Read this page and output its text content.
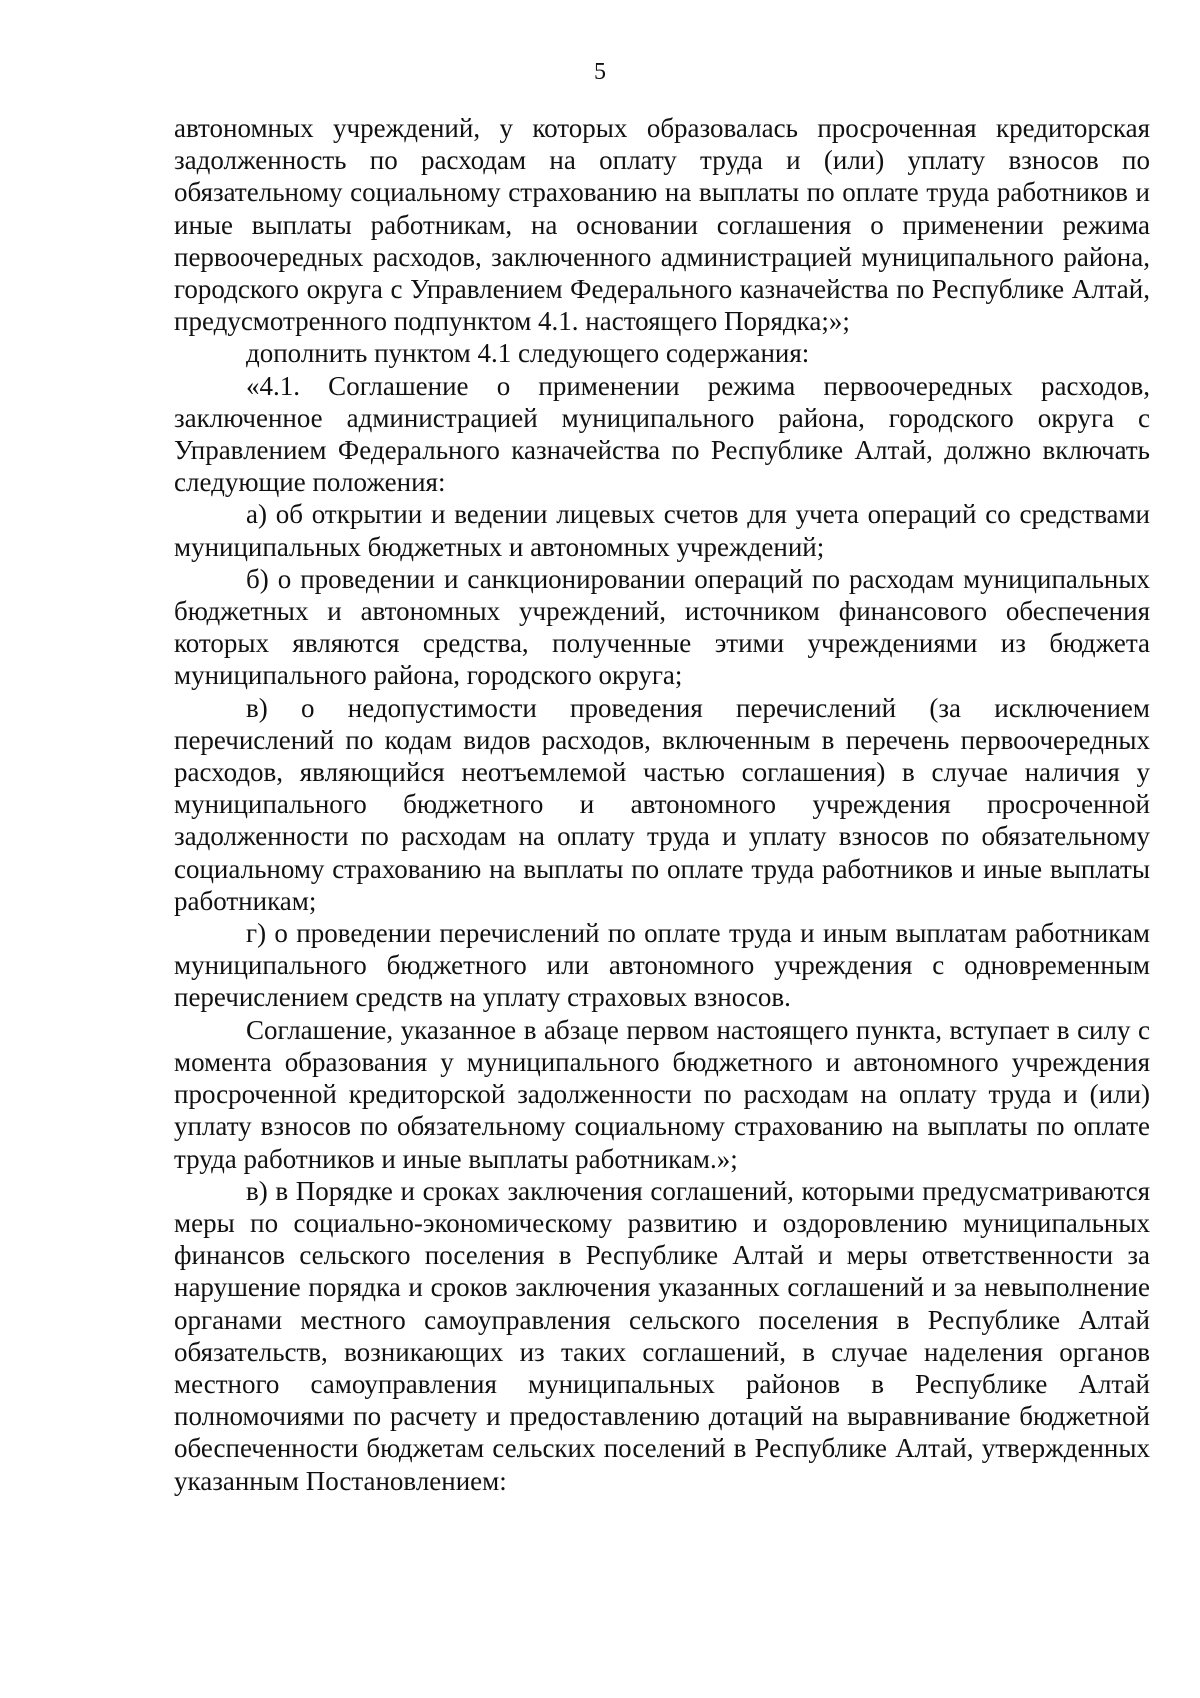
5

автономных учреждений, у которых образовалась просроченная кредиторская задолженность по расходам на оплату труда и (или) уплату взносов по обязательному социальному страхованию на выплаты по оплате труда работников и иные выплаты работникам, на основании соглашения о применении режима первоочередных расходов, заключенного администрацией муниципального района, городского округа с Управлением Федерального казначейства по Республике Алтай, предусмотренного подпунктом 4.1. настоящего Порядка;»;

дополнить пунктом 4.1 следующего содержания:

«4.1. Соглашение о применении режима первоочередных расходов, заключенное администрацией муниципального района, городского округа с Управлением Федерального казначейства по Республике Алтай, должно включать следующие положения:

а) об открытии и ведении лицевых счетов для учета операций со средствами муниципальных бюджетных и автономных учреждений;

б) о проведении и санкционировании операций по расходам муниципальных бюджетных и автономных учреждений, источником финансового обеспечения которых являются средства, полученные этими учреждениями из бюджета муниципального района, городского округа;

в) о недопустимости проведения перечислений (за исключением перечислений по кодам видов расходов, включенным в перечень первоочередных расходов, являющийся неотъемлемой частью соглашения) в случае наличия у муниципального бюджетного и автономного учреждения просроченной задолженности по расходам на оплату труда и уплату взносов по обязательному социальному страхованию на выплаты по оплате труда работников и иные выплаты работникам;

г) о проведении перечислений по оплате труда и иным выплатам работникам муниципального бюджетного или автономного учреждения с одновременным перечислением средств на уплату страховых взносов.

Соглашение, указанное в абзаце первом настоящего пункта, вступает в силу с момента образования у муниципального бюджетного и автономного учреждения просроченной кредиторской задолженности по расходам на оплату труда и (или) уплату взносов по обязательному социальному страхованию на выплаты по оплате труда работников и иные выплаты работникам.»;

в) в Порядке и сроках заключения соглашений, которыми предусматриваются меры по социально-экономическому развитию и оздоровлению муниципальных финансов сельского поселения в Республике Алтай и меры ответственности за нарушение порядка и сроков заключения указанных соглашений и за невыполнение органами местного самоуправления сельского поселения в Республике Алтай обязательств, возникающих из таких соглашений, в случае наделения органов местного самоуправления муниципальных районов в Республике Алтай полномочиями по расчету и предоставлению дотаций на выравнивание бюджетной обеспеченности бюджетам сельских поселений в Республике Алтай, утвержденных указанным Постановлением:
